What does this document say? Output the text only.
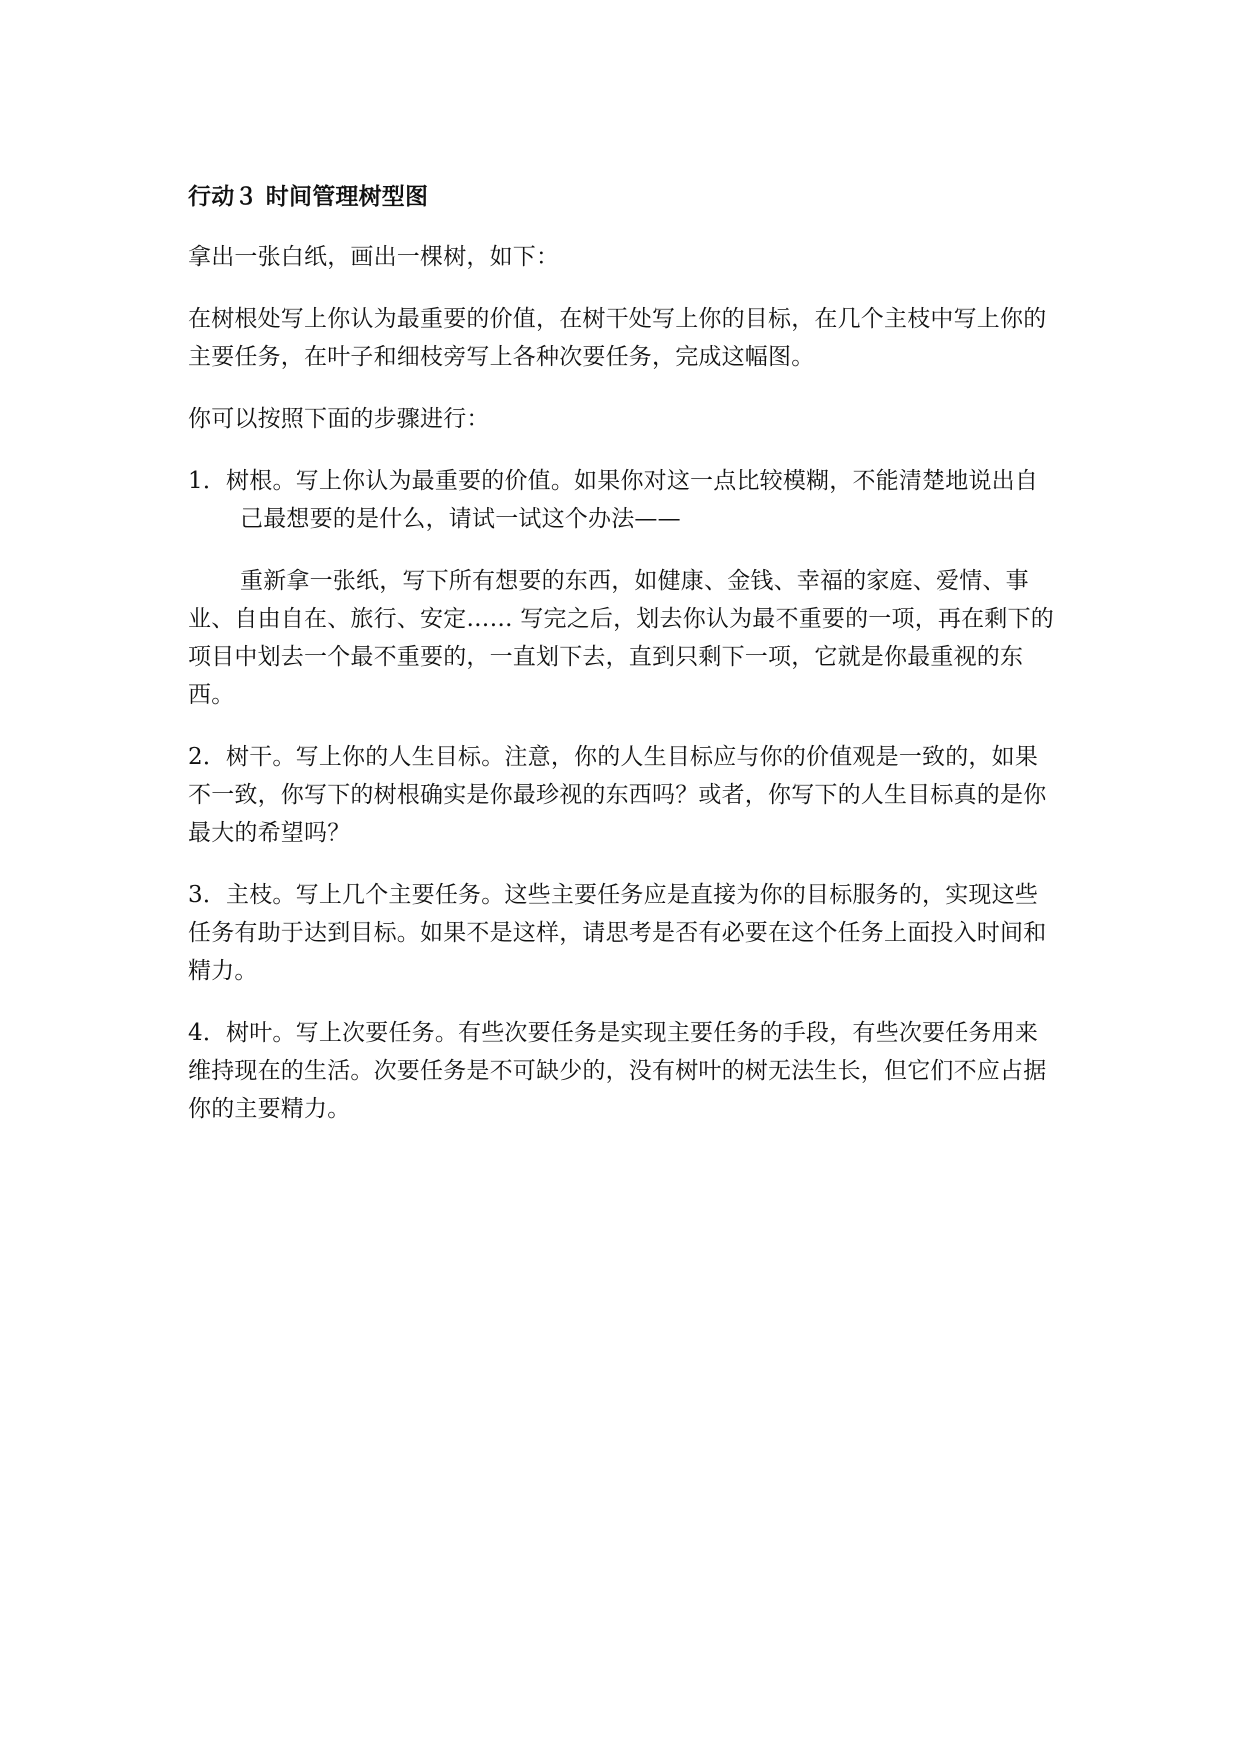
行动３ 时间管理树型图
拿出一张白纸，画出一棵树，如下：
在树根处写上你认为最重要的价值，在树干处写上你的目标，在几个主枝中写上你的主要任务，在叶子和细枝旁写上各种次要任务，完成这幅图。
你可以按照下面的步骤进行：
1．树根。写上你认为最重要的价值。如果你对这一点比较模糊，不能清楚地说出自己最想要的是什么，请试一试这个办法——
重新拿一张纸，写下所有想要的东西，如健康、金钱、幸福的家庭、爱情、事业、自由自在、旅行、安定…… 写完之后，划去你认为最不重要的一项，再在剩下的项目中划去一个最不重要的，一直划下去，直到只剩下一项，它就是你最重视的东西。
2．树干。写上你的人生目标。注意，你的人生目标应与你的价值观是一致的，如果不一致，你写下的树根确实是你最珍视的东西吗？或者，你写下的人生目标真的是你最大的希望吗？
3．主枝。写上几个主要任务。这些主要任务应是直接为你的目标服务的，实现这些任务有助于达到目标。如果不是这样，请思考是否有必要在这个任务上面投入时间和精力。
4．树叶。写上次要任务。有些次要任务是实现主要任务的手段，有些次要任务用来维持现在的生活。次要任务是不可缺少的，没有树叶的树无法生长，但它们不应占据你的主要精力。
